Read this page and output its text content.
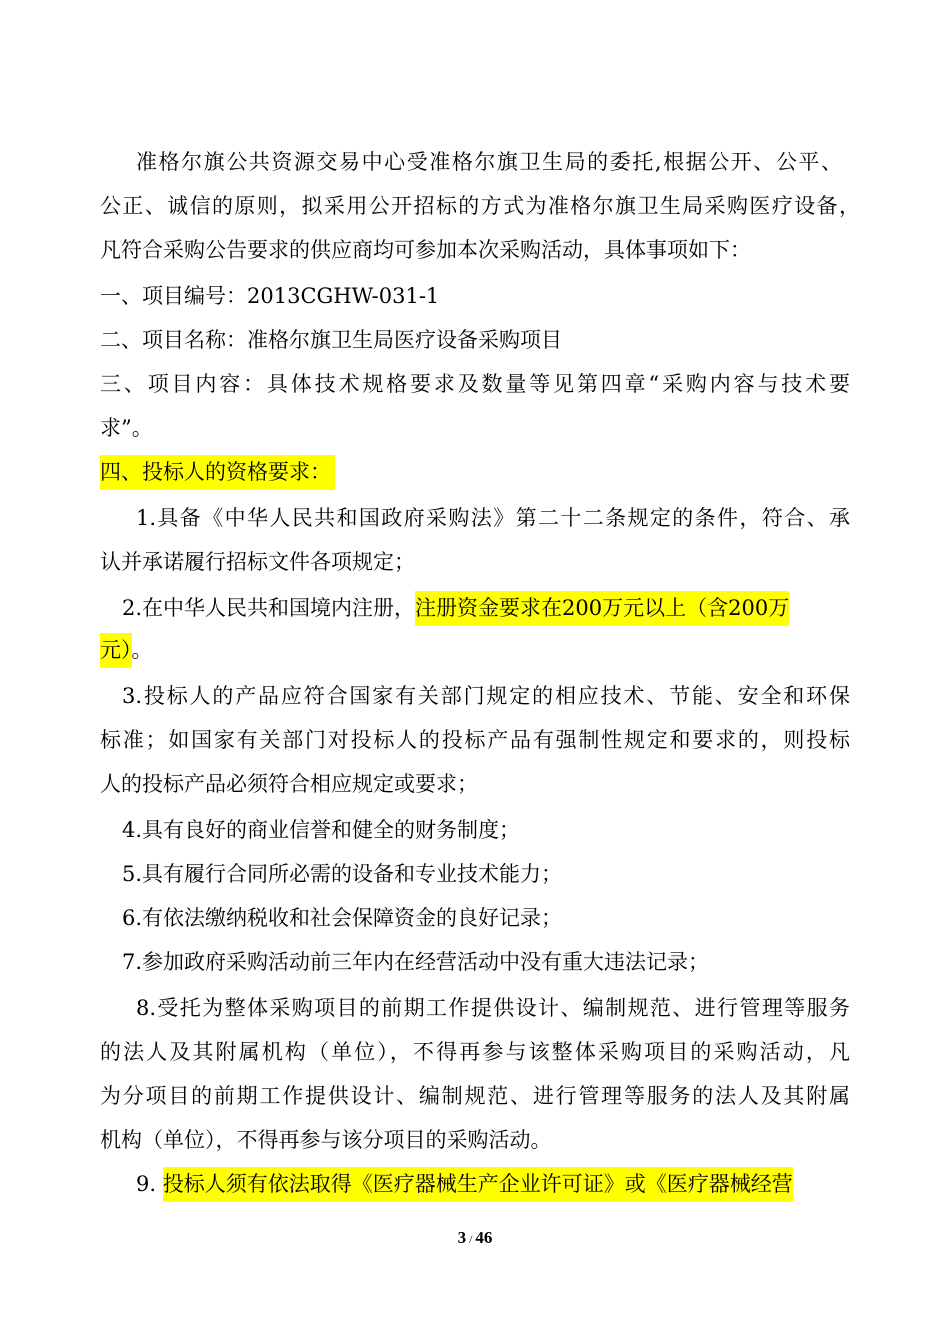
准格尔旗公共资源交易中心受准格尔旗卫生局的委托,根据公开、公平、
公正、诚信的原则，拟采用公开招标的方式为准格尔旗卫生局采购医疗设备，
凡符合采购公告要求的供应商均可参加本次采购活动，具体事项如下：
一、项目编号：2013CGHW-031-1
二、项目名称：准格尔旗卫生局医疗设备采购项目
三、项目内容：具体技术规格要求及数量等见第四章“采购内容与技术要
求”。
四、投标人的资格要求：
1.具备《中华人民共和国政府采购法》第二十二条规定的条件，符合、承
认并承诺履行招标文件各项规定；
2.在中华人民共和国境内注册，注册资金要求在200万元以上（含200万
元）。
3.投标人的产品应符合国家有关部门规定的相应技术、节能、安全和环保
标准；如国家有关部门对投标人的投标产品有强制性规定和要求的，则投标
人的投标产品必须符合相应规定或要求；
4.具有良好的商业信誉和健全的财务制度；
5.具有履行合同所必需的设备和专业技术能力；
6.有依法缴纳税收和社会保障资金的良好记录；
7.参加政府采购活动前三年内在经营活动中没有重大违法记录；
8.受托为整体采购项目的前期工作提供设计、编制规范、进行管理等服务
的法人及其附属机构（单位），不得再参与该整体采购项目的采购活动，凡
为分项目的前期工作提供设计、编制规范、进行管理等服务的法人及其附属
机构（单位），不得再参与该分项目的采购活动。
9. 投标人须有依法取得《医疗器械生产企业许可证》或《医疗器械经营
3 / 46
